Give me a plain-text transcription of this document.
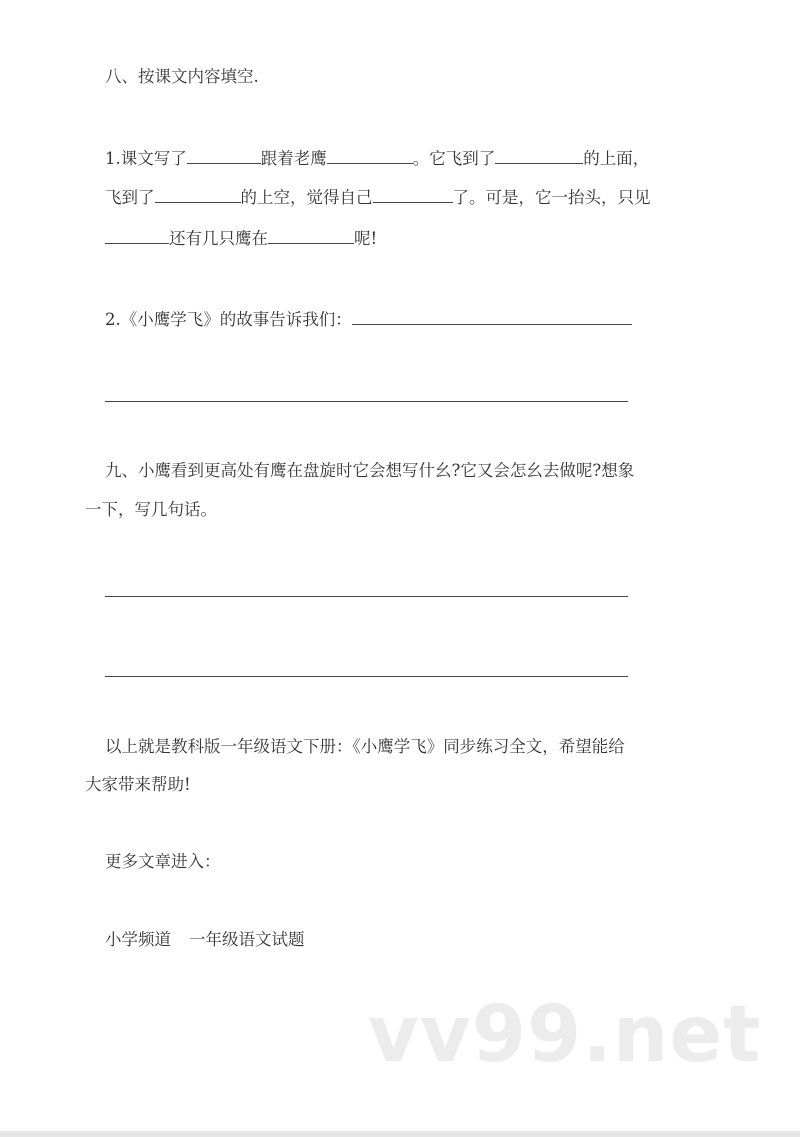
八、按课文内容填空.
1.课文写了	跟着老鹰	。它飞到了	的上面，
飞到了	的上空，觉得自己	了。可是，它一抬头，只见
还有几只鹰在	呢!
2.《小鹰学飞》的故事告诉我们：
九、小鹰看到更高处有鹰在盘旋时它会想写什幺?它又会怎幺去做呢?想象
一下，写几句话。
以上就是教科版一年级语文下册：《小鹰学飞》同步练习全文，希望能给
大家带来帮助!
更多文章进入：
小学频道 一年级语文试题
vv99.net
